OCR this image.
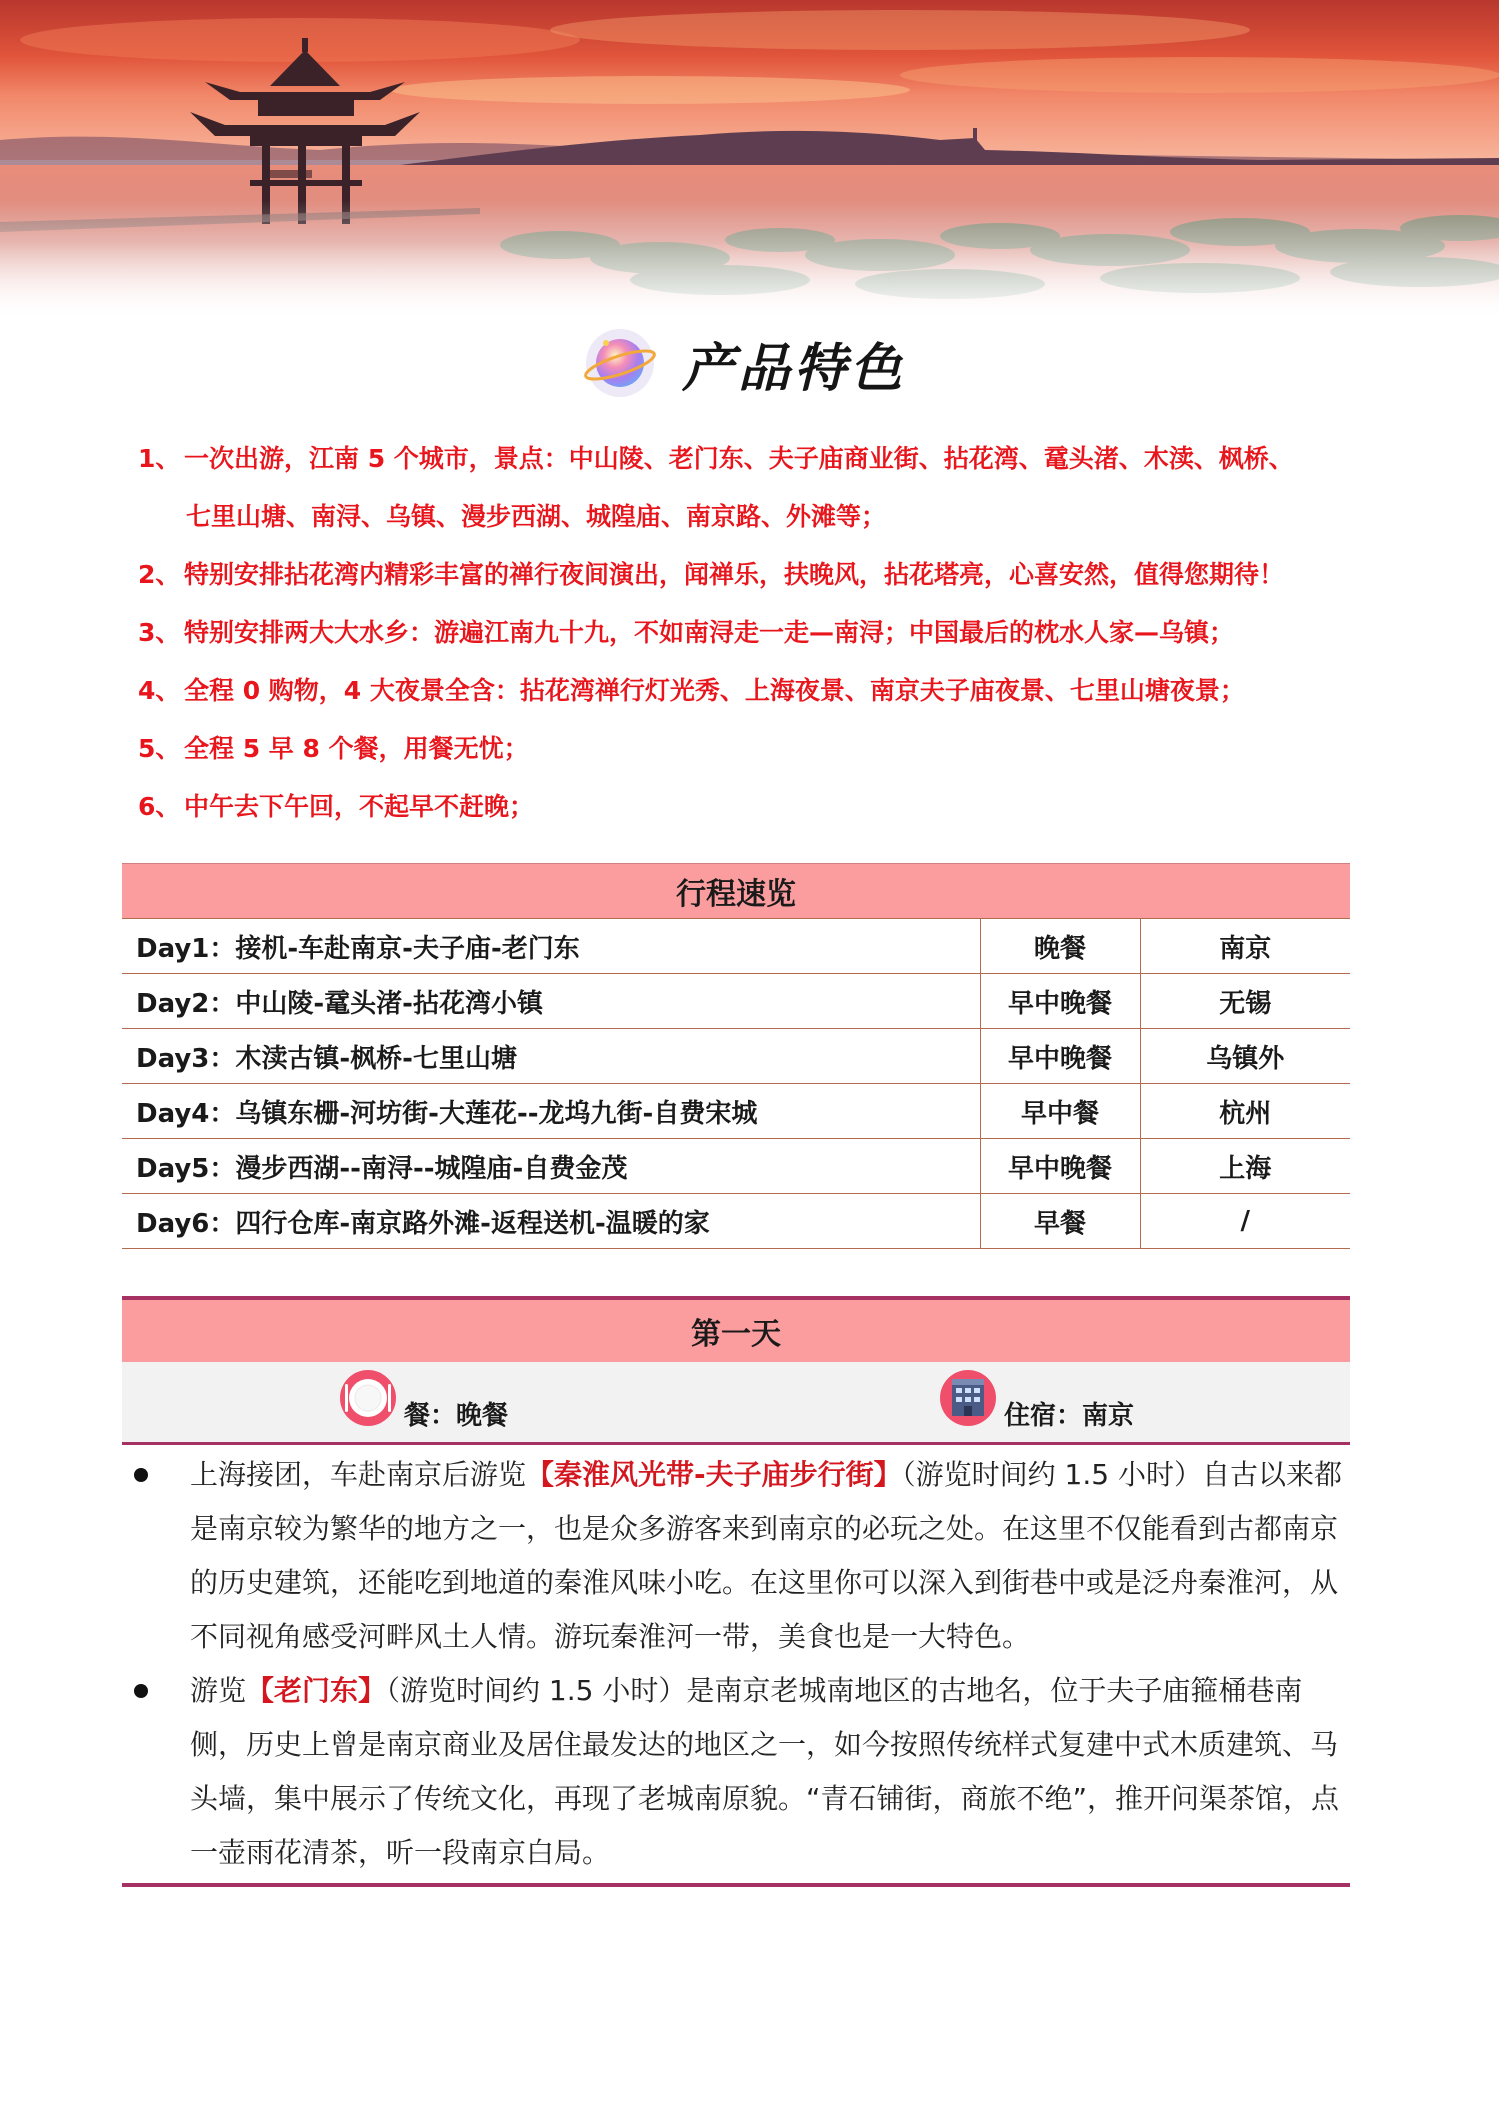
产品特色
1、 一次出游，江南 5 个城市，景点：中山陵、老门东、夫子庙商业街、拈花湾、鼋头渚、木渎、枫桥、
七里山塘、南浔、乌镇、漫步西湖、城隍庙、南京路、外滩等；
2、 特别安排拈花湾内精彩丰富的禅行夜间演出，闻禅乐，扶晚风，拈花塔亮，心喜安然，值得您期待！
3、 特别安排两大大水乡：游遍江南九十九，不如南浔走一走—南浔；中国最后的枕水人家—乌镇；
4、 全程 0 购物，4 大夜景全含：拈花湾禅行灯光秀、上海夜景、南京夫子庙夜景、七里山塘夜景；
5、 全程 5 早 8 个餐，用餐无忧；
6、 中午去下午回，不起早不赶晚；
行程速览		
Day1：接机-车赴南京-夫子庙-老门东	晚餐	南京
Day2：中山陵-鼋头渚-拈花湾小镇	早中晚餐	无锡
Day3：木渎古镇-枫桥-七里山塘	早中晚餐	乌镇外
Day4：乌镇东栅-河坊街-大莲花--龙坞九街-自费宋城	早中餐	杭州
Day5：漫步西湖--南浔--城隍庙-自费金茂	早中晚餐	上海
Day6：四行仓库-南京路外滩-返程送机-温暖的家	早餐	/
第一天

餐：晚餐	住宿：南京
上海接团，车赴南京后游览【秦淮风光带-夫子庙步行街】（游览时间约 1.5 小时）自古以来都是南京较为繁华的地方之一，也是众多游客来到南京的必玩之处。在这里不仅能看到古都南京的历史建筑，还能吃到地道的秦淮风味小吃。在这里你可以深入到街巷中或是泛舟秦淮河，从不同视角感受河畔风土人情。游玩秦淮河一带，美食也是一大特色。
游览【老门东】（游览时间约 1.5 小时）是南京老城南地区的古地名，位于夫子庙箍桶巷南侧，历史上曾是南京商业及居住最发达的地区之一，如今按照传统样式复建中式木质建筑、马头墙，集中展示了传统文化，再现了老城南原貌。“青石铺街，商旅不绝”，推开问渠茶馆，点一壶雨花清茶，听一段南京白局。
